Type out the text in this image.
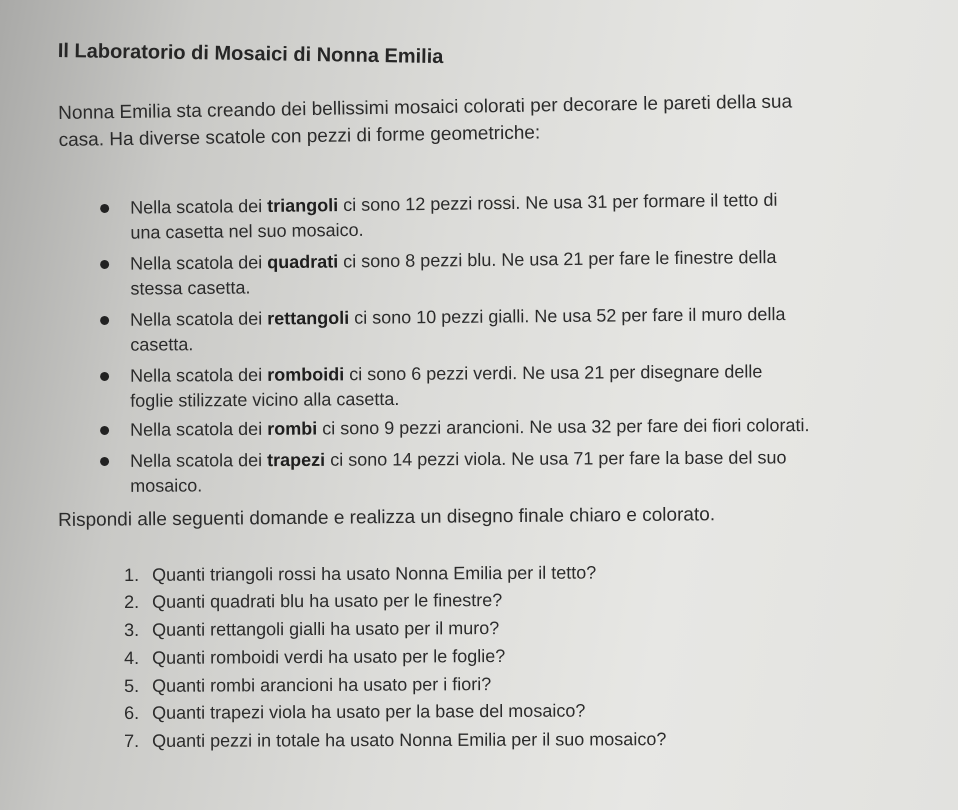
Il Laboratorio di Mosaici di Nonna Emilia
Nonna Emilia sta creando dei bellissimi mosaici colorati per decorare le pareti della sua
casa. Ha diverse scatole con pezzi di forme geometriche:
Nella scatola dei triangoli ci sono 12 pezzi rossi. Ne usa 31 per formare il tetto di
una casetta nel suo mosaico.
Nella scatola dei quadrati ci sono 8 pezzi blu. Ne usa 21 per fare le finestre della
stessa casetta.
Nella scatola dei rettangoli ci sono 10 pezzi gialli. Ne usa 52 per fare il muro della
casetta.
Nella scatola dei romboidi ci sono 6 pezzi verdi. Ne usa 21 per disegnare delle
foglie stilizzate vicino alla casetta.
Nella scatola dei rombi ci sono 9 pezzi arancioni. Ne usa 32 per fare dei fiori colorati.
Nella scatola dei trapezi ci sono 14 pezzi viola. Ne usa 71 per fare la base del suo
mosaico.
Rispondi alle seguenti domande e realizza un disegno finale chiaro e colorato.
1. Quanti triangoli rossi ha usato Nonna Emilia per il tetto?
2. Quanti quadrati blu ha usato per le finestre?
3. Quanti rettangoli gialli ha usato per il muro?
4. Quanti romboidi verdi ha usato per le foglie?
5. Quanti rombi arancioni ha usato per i fiori?
6. Quanti trapezi viola ha usato per la base del mosaico?
7. Quanti pezzi in totale ha usato Nonna Emilia per il suo mosaico?
